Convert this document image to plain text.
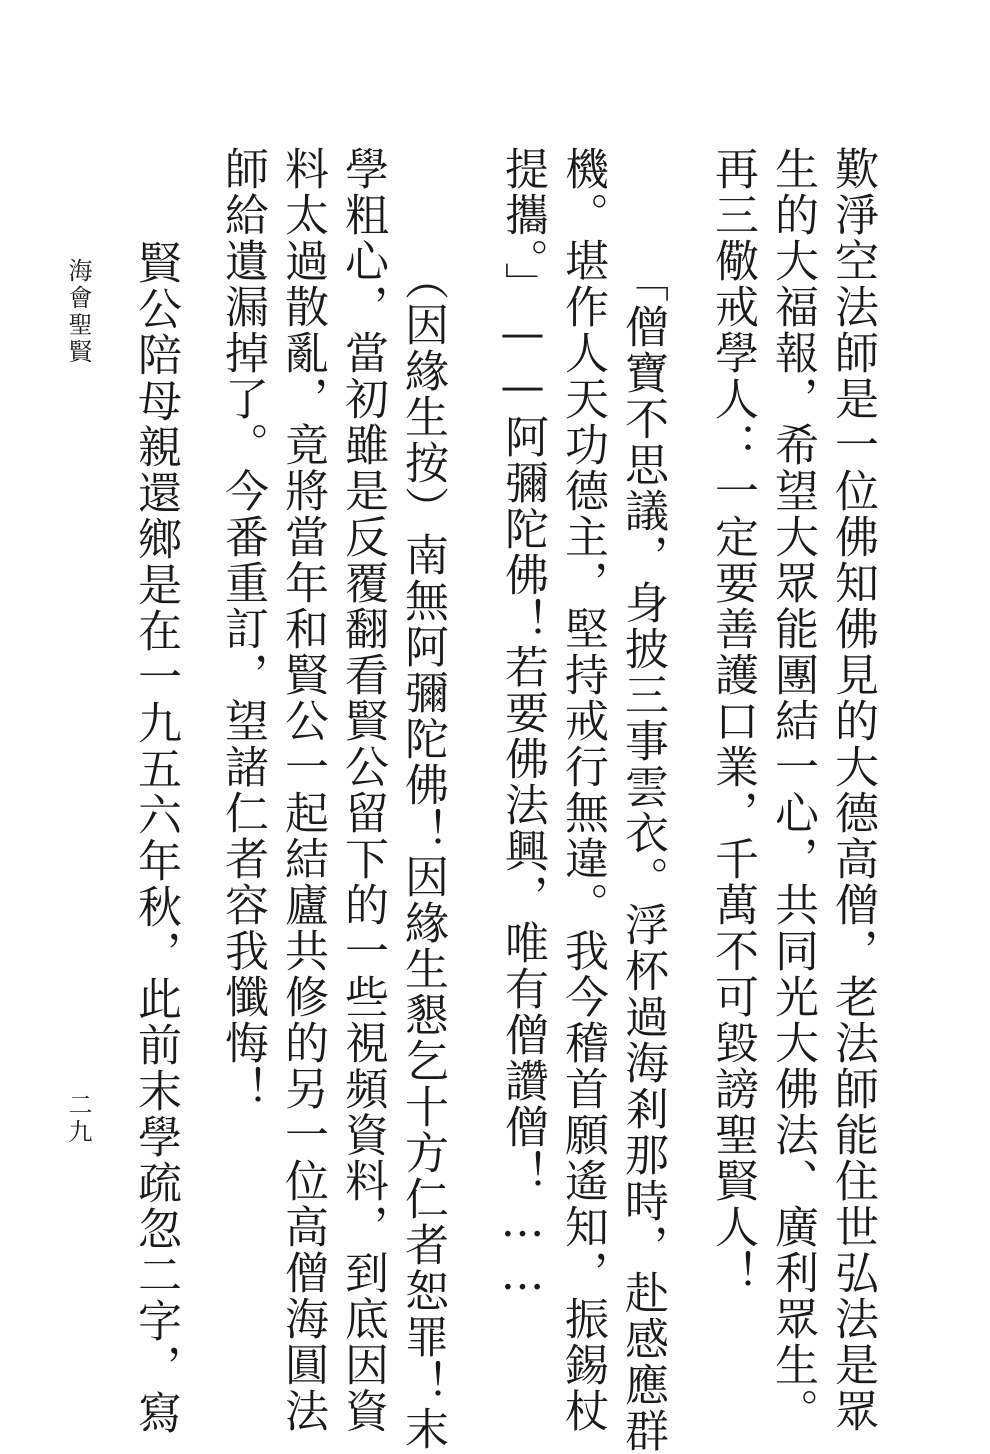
歎淨空法師是一位佛知佛見的大德高僧，老法師能住世弘法是眾
生的大福報，希望大眾能團結一心，共同光大佛法、廣利眾生。
再三儆戒學人：一定要善護口業，千萬不可毀謗聖賢人！
「僧寶不思議，身披三事雲衣。浮杯過海剎那時，赴感應群
機。堪作人天功德主，堅持戒行無違。我今稽首願遙知，振錫杖
提攜。」——阿彌陀佛！若要佛法興，唯有僧讚僧！……
（因緣生按）南無阿彌陀佛！因緣生懇乞十方仁者恕罪！末
學粗心，當初雖是反覆翻看賢公留下的一些視頻資料，到底因資
料太過散亂，竟將當年和賢公一起結廬共修的另一位高僧海圓法
師給遺漏掉了。今番重訂，望諸仁者容我懺悔！
賢公陪母親還鄉是在一九五六年秋，此前末學疏忽二字，寫
海會聖賢
二九
